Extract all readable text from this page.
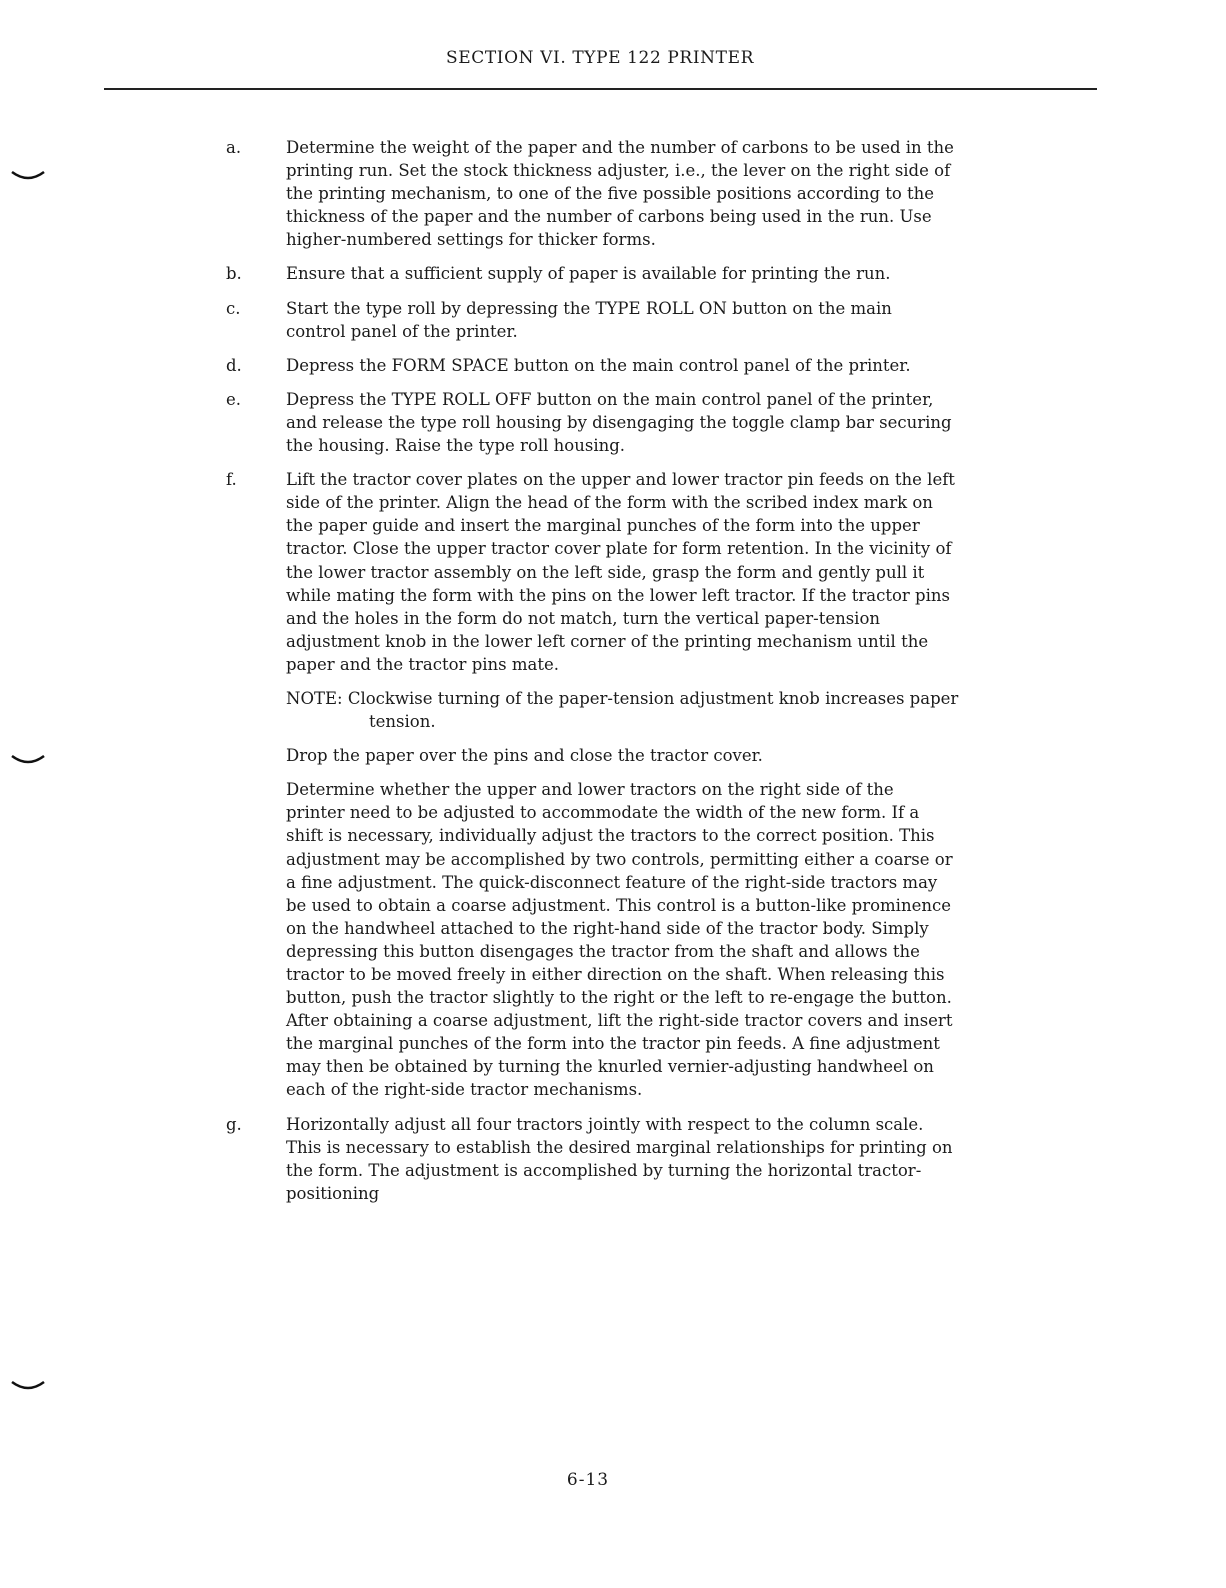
SECTION VI. TYPE 122 PRINTER
a.	Determine the weight of the paper and the number of carbons to be used in the printing run. Set the stock thickness adjuster, i.e., the lever on the right side of the printing mechanism, to one of the five possible positions according to the thickness of the paper and the number of carbons being used in the run. Use higher-numbered settings for thicker forms.

b.	Ensure that a sufficient supply of paper is available for printing the run.

c.	Start the type roll by depressing the TYPE ROLL ON button on the main control panel of the printer.

d.	Depress the FORM SPACE button on the main control panel of the printer.

e.	Depress the TYPE ROLL OFF button on the main control panel of the printer, and release the type roll housing by disengaging the toggle clamp bar securing the housing. Raise the type roll housing.

f.	Lift the tractor cover plates on the upper and lower tractor pin feeds on the left side of the printer. Align the head of the form with the scribed index mark on the paper guide and insert the marginal punches of the form into the upper tractor. Close the upper tractor cover plate for form retention. In the vicinity of the lower tractor assembly on the left side, grasp the form and gently pull it while mating the form with the pins on the lower left tractor. If the tractor pins and the holes in the form do not match, turn the vertical paper-tension adjustment knob in the lower left corner of the printing mechanism until the paper and the tractor pins mate.

NOTE: Clockwise turning of the paper-tension adjustment knob increases paper tension.

Drop the paper over the pins and close the tractor cover.

Determine whether the upper and lower tractors on the right side of the printer need to be adjusted to accommodate the width of the new form. If a shift is necessary, individually adjust the tractors to the correct position. This adjustment may be accomplished by two controls, permitting either a coarse or a fine adjustment. The quick-disconnect feature of the right-side tractors may be used to obtain a coarse adjustment. This control is a button-like prominence on the handwheel attached to the right-hand side of the tractor body. Simply depressing this button disengages the tractor from the shaft and allows the tractor to be moved freely in either direction on the shaft. When releasing this button, push the tractor slightly to the right or the left to re-engage the button. After obtaining a coarse adjustment, lift the right-side tractor covers and insert the marginal punches of the form into the tractor pin feeds. A fine adjustment may then be obtained by turning the knurled vernier-adjusting handwheel on each of the right-side tractor mechanisms.

g.	Horizontally adjust all four tractors jointly with respect to the column scale. This is necessary to establish the desired marginal relationships for printing on the form. The adjustment is accomplished by turning the horizontal tractor-positioning

6-13
